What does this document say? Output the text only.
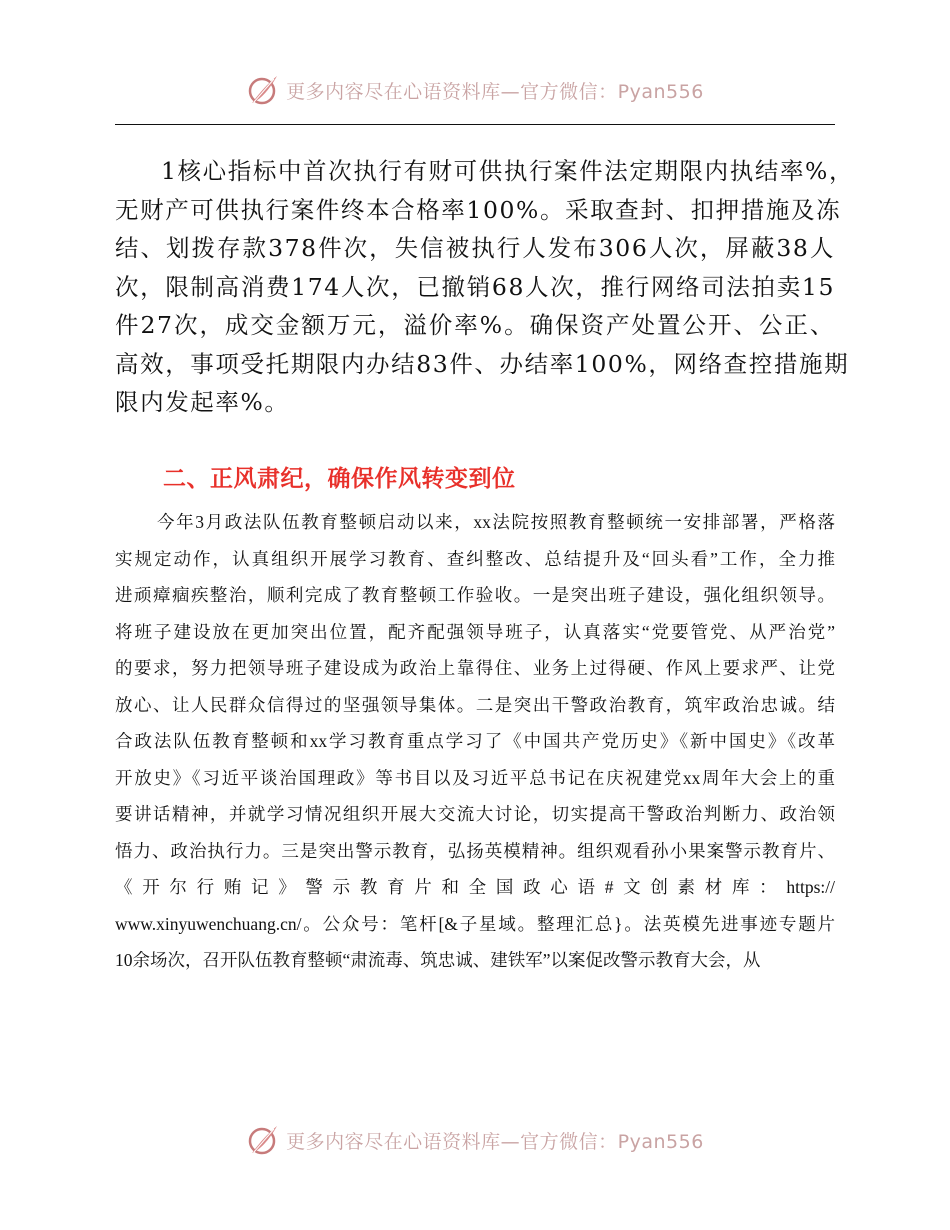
更多内容尽在心语资料库—官方微信：Pyan556
1核心指标中首次执行有财可供执行案件法定期限内执结率%，
无财产可供执行案件终本合格率100%。采取查封、扣押措施及冻
结、划拨存款378件次，失信被执行人发布306人次，屏蔽38人
次，限制高消费174人次，已撤销68人次，推行网络司法拍卖15
件27次，成交金额万元，溢价率%。确保资产处置公开、公正、
高效，事项受托期限内办结83件、办结率100%，网络查控措施期
限内发起率%。
二、正风肃纪，确保作风转变到位
今年3月政法队伍教育整顿启动以来，xx法院按照教育整顿统一安排部署，严格落
实规定动作，认真组织开展学习教育、查纠整改、总结提升及“回头看”工作，全力推
进顽瘴痼疾整治，顺利完成了教育整顿工作验收。一是突出班子建设，强化组织领导。
将班子建设放在更加突出位置，配齐配强领导班子，认真落实“党要管党、从严治党”
的要求，努力把领导班子建设成为政治上靠得住、业务上过得硬、作风上要求严、让党
放心、让人民群众信得过的坚强领导集体。二是突出干警政治教育，筑牢政治忠诚。结
合政法队伍教育整顿和xx学习教育重点学习了《中国共产党历史》《新中国史》《改革
开放史》《习近平谈治国理政》等书目以及习近平总书记在庆祝建党xx周年大会上的重
要讲话精神，并就学习情况组织开展大交流大讨论，切实提高干警政治判断力、政治领
悟力、政治执行力。三是突出警示教育，弘扬英模精神。组织观看孙小果案警示教育片、
《开尔行贿记》警示教育片和全国政心语#文创素材库：https://
www.xinyuwenchuang.cn/。公众号：笔杆[&子星域。整理汇总}。法英模先进事迹专题片
10余场次，召开队伍教育整顿“肃流毒、筑忠诚、建铁军”以案促改警示教育大会，从
更多内容尽在心语资料库—官方微信：Pyan556
